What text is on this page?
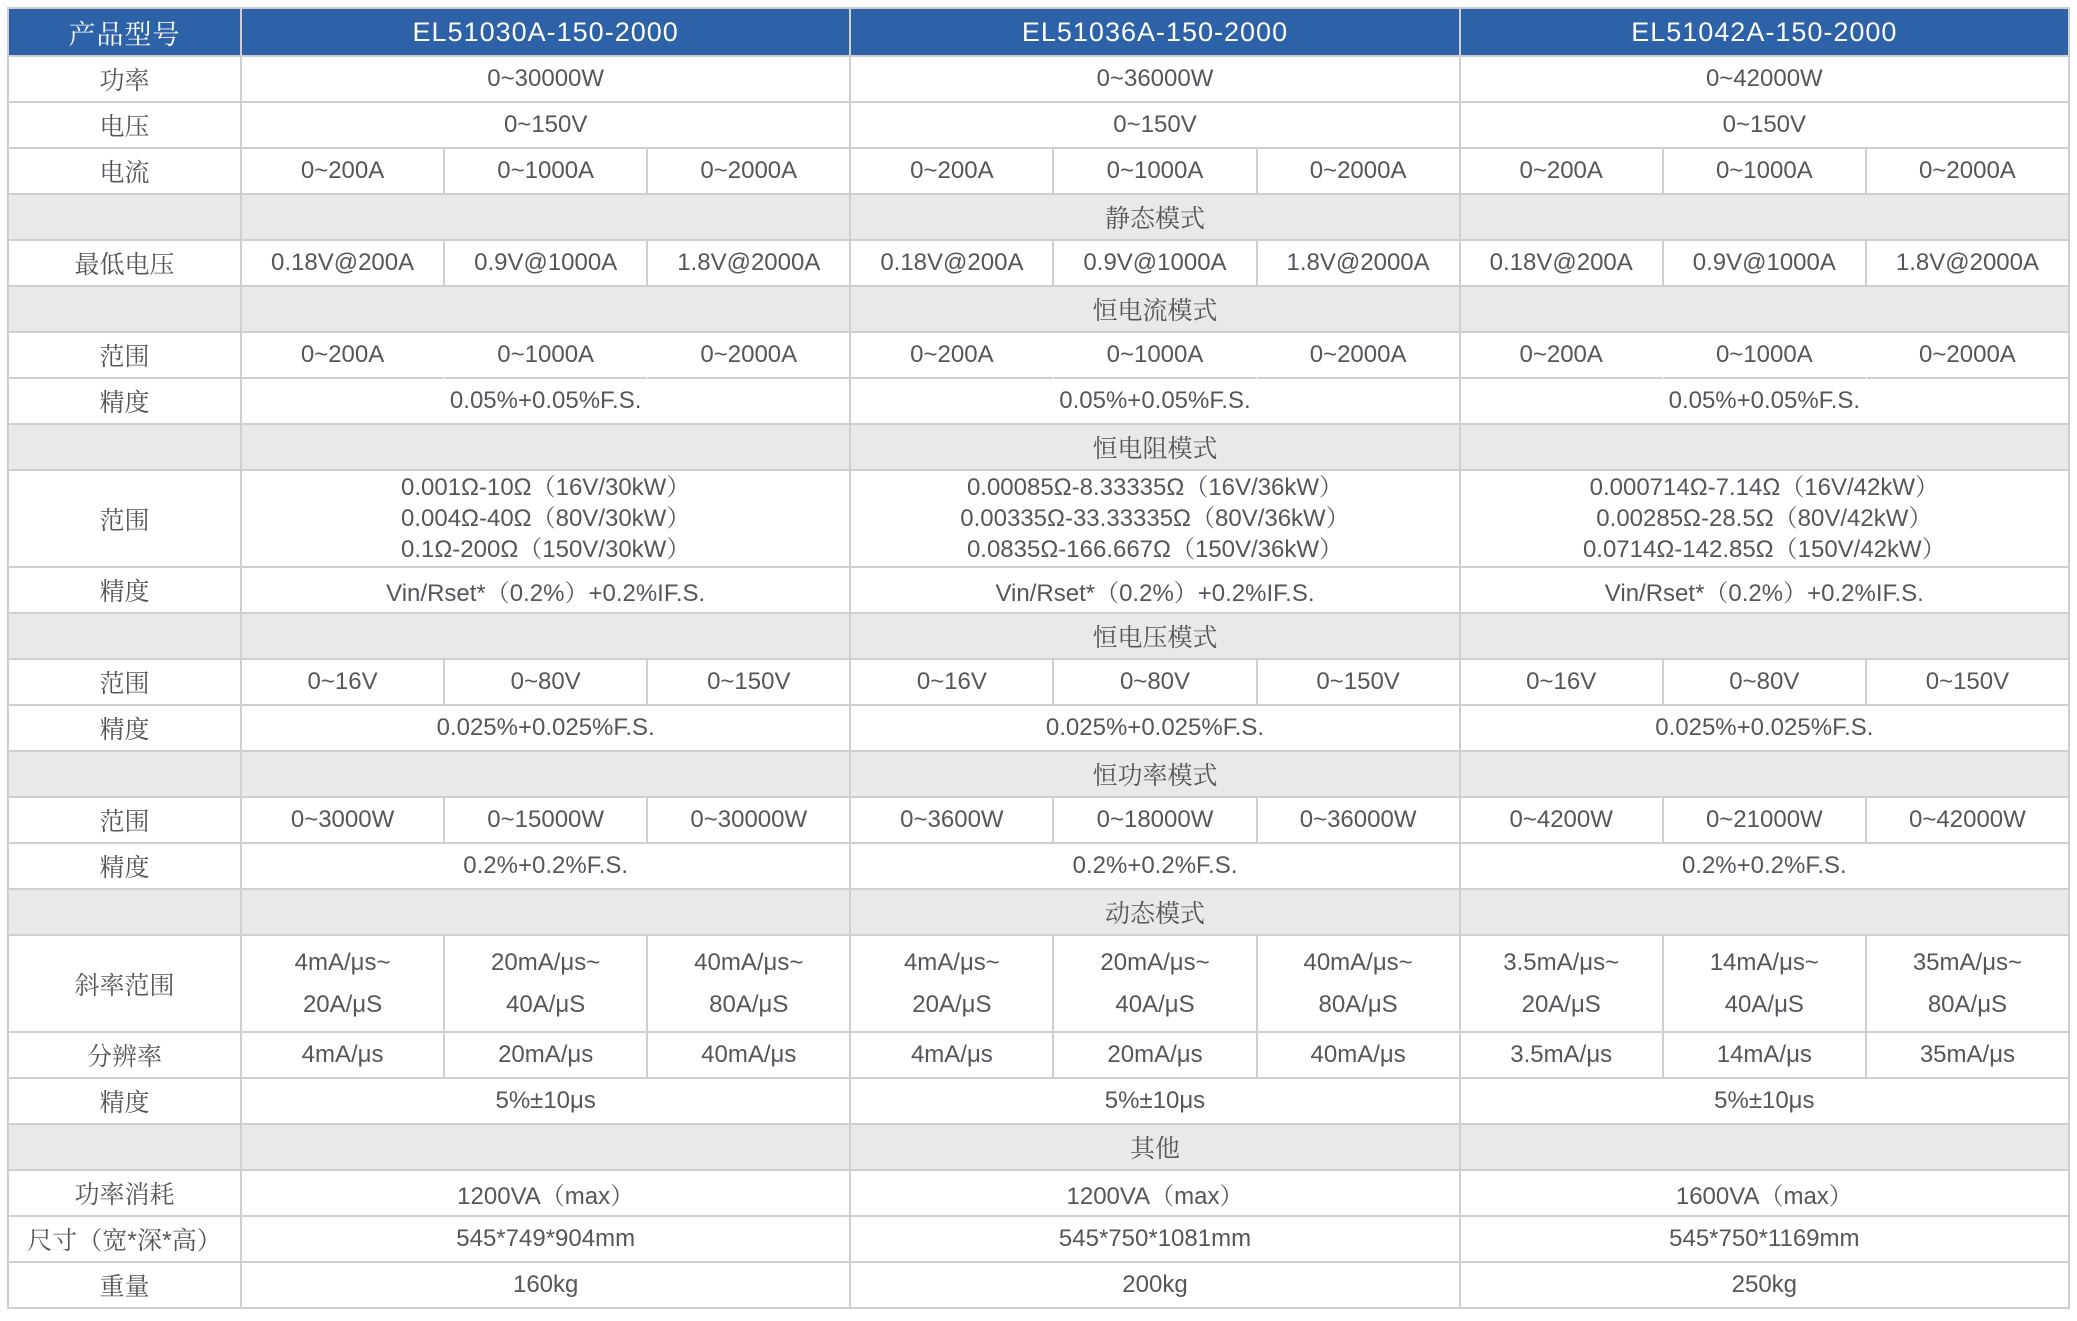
产品型号	EL51030A-150-2000			EL51036A-150-2000			EL51042A-150-2000		
功率	0~30000W			0~36000W			0~42000W		
电压	0~150V			0~150V			0~150V		
电流	0~200A	0~1000A	0~2000A	0~200A	0~1000A	0~2000A	0~200A	0~1000A	0~2000A
				静态模式					
最低电压	0.18V@200A	0.9V@1000A	1.8V@2000A	0.18V@200A	0.9V@1000A	1.8V@2000A	0.18V@200A	0.9V@1000A	1.8V@2000A
				恒电流模式					
范围	0~200A	0~1000A	0~2000A	0~200A	0~1000A	0~2000A	0~200A	0~1000A	0~2000A
精度	0.05%+0.05%F.S.			0.05%+0.05%F.S.			0.05%+0.05%F.S.		
				恒电阻模式					
范围	0.001Ω-10Ω（16V/30kW）
0.004Ω-40Ω（80V/30kW）
0.1Ω-200Ω（150V/30kW）			0.00085Ω-8.33335Ω（16V/36kW）
0.00335Ω-33.33335Ω（80V/36kW）
0.0835Ω-166.667Ω（150V/36kW）			0.000714Ω-7.14Ω（16V/42kW）
0.00285Ω-28.5Ω（80V/42kW）
0.0714Ω-142.85Ω（150V/42kW）		

精度	Vin/Rset*（0.2%）+0.2%IF.S.			Vin/Rset*（0.2%）+0.2%IF.S.			Vin/Rset*（0.2%）+0.2%IF.S.		
				恒电压模式					
范围	0~16V	0~80V	0~150V	0~16V	0~80V	0~150V	0~16V	0~80V	0~150V
精度	0.025%+0.025%F.S.			0.025%+0.025%F.S.			0.025%+0.025%F.S.		
				恒功率模式					
范围	0~3000W	0~15000W	0~30000W	0~3600W	0~18000W	0~36000W	0~4200W	0~21000W	0~42000W
精度	0.2%+0.2%F.S.			0.2%+0.2%F.S.			0.2%+0.2%F.S.		
				动态模式					
斜率范围	4mA/μs~
20A/μS	20mA/μs~
40A/μS	40mA/μs~
80A/μS	4mA/μs~
20A/μS	20mA/μs~
40A/μS	40mA/μs~
80A/μS	3.5mA/μs~
20A/μS	14mA/μs~
40A/μS	35mA/μs~
80A/μS

分辨率	4mA/μs	20mA/μs	40mA/μs	4mA/μs	20mA/μs	40mA/μs	3.5mA/μs	14mA/μs	35mA/μs
精度	5%±10μs			5%±10μs			5%±10μs		
				其他					
功率消耗	1200VA（max）			1200VA（max）			1600VA（max）		
尺寸（宽*深*高）	545*749*904mm			545*750*1081mm			545*750*1169mm		
重量	160kg			200kg			250kg		
